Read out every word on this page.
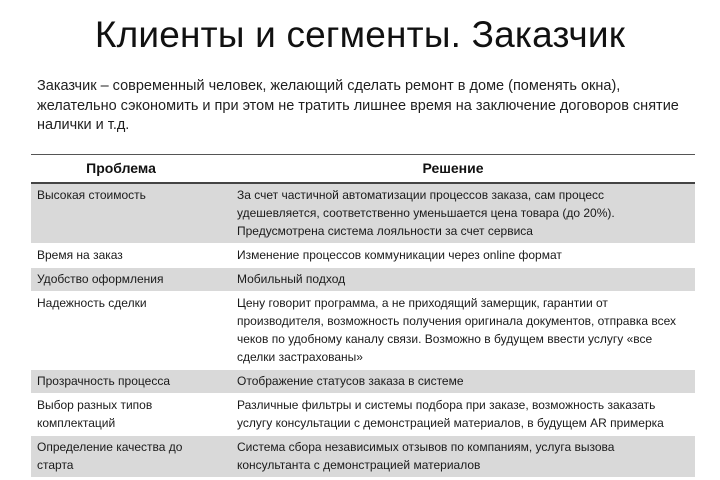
Клиенты и сегменты. Заказчик
Заказчик – современный человек, желающий сделать ремонт в доме (поменять окна), желательно сэкономить и при этом не тратить лишнее время на заключение договоров снятие налички и т.д.
Проблема	Решение
Высокая стоимость	За счет частичной автоматизации процессов заказа, сам процесс удешевляется, соответственно уменьшается цена товара (до 20%). Предусмотрена система лояльности за счет сервиса
Время на заказ	Изменение процессов коммуникации через online формат
Удобство оформления	Мобильный подход
Надежность сделки	Цену говорит программа, а не приходящий замерщик, гарантии от производителя, возможность получения оригинала документов, отправка всех чеков по удобному каналу связи. Возможно в будущем ввести услугу «все сделки застрахованы»
Прозрачность процесса	Отображение статусов заказа в системе
Выбор разных типов комплектаций	Различные фильтры и системы подбора при заказе, возможность заказать услугу консультации с демонстрацией материалов, в будущем AR примерка
Определение качества до старта	Система сбора независимых отзывов по компаниям, услуга вызова консультанта с демонстрацией материалов
